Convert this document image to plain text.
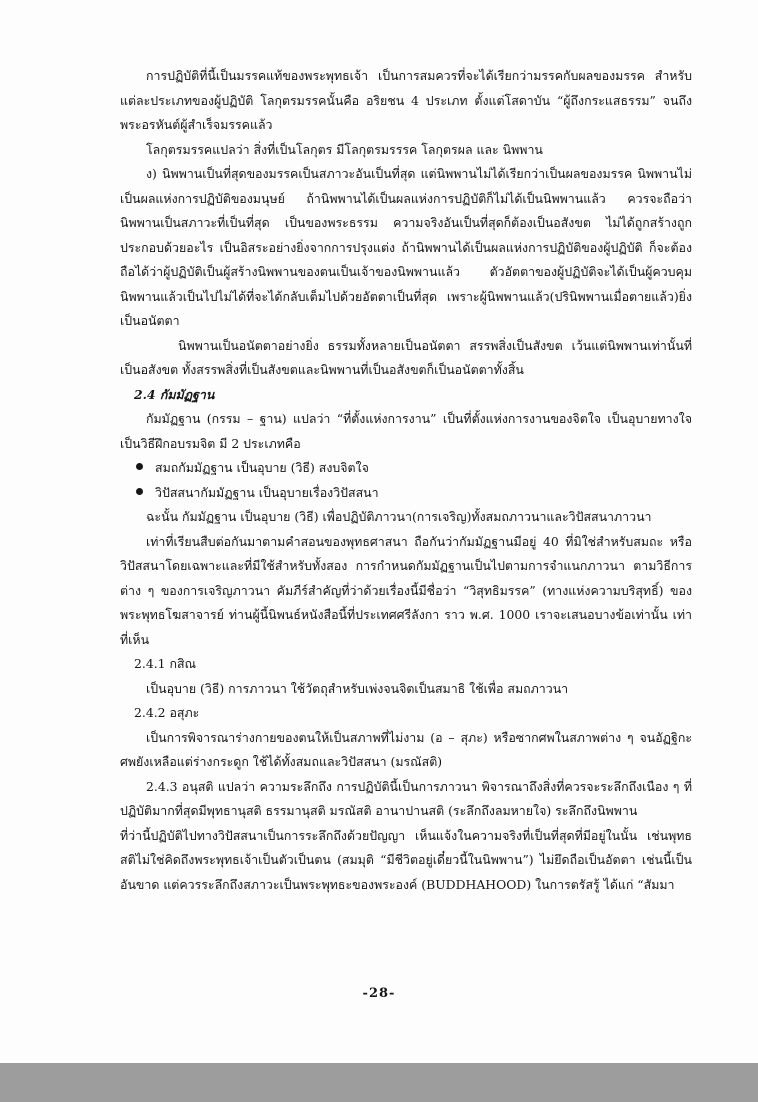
การปฏิบัติที่นี้เป็นมรรคแท้ของพระพุทธเจ้า เป็นการสมควรที่จะได้เรียกว่ามรรคกับผลของมรรค สำหรับแต่ละประเภทของผู้ปฏิบัติ โลกุตรมรรคนั้นคือ อริยชน 4 ประเภท ตั้งแต่โสดาบัน “ผู้ถึงกระแสธรรม” จนถึงพระอรหันต์ผู้สำเร็จมรรคแล้ว

โลกุตรมรรคแปลว่า สิ่งที่เป็นโลกุตร มีโลกุตรมรรรค โลกุตรผล และ นิพพาน

ง) นิพพานเป็นที่สุดของมรรคเป็นสภาวะอันเป็นที่สุด แต่นิพพานไม่ได้เรียกว่าเป็นผลของมรรค นิพพานไม่เป็นผลแห่งการปฏิบัติของมนุษย์ ถ้านิพพานได้เป็นผลแห่งการปฏิบัติก็ไม่ได้เป็นนิพพานแล้ว ควรจะถือว่านิพพานเป็นสภาวะที่เป็นที่สุด เป็นของพระธรรม ความจริงอันเป็นที่สุดก็ต้องเป็นอสังขต ไม่ได้ถูกสร้างถูกประกอบด้วยอะไร เป็นอิสระอย่างยิ่งจากการปรุงแต่ง ถ้านิพพานได้เป็นผลแห่งการปฏิบัติของผู้ปฏิบัติ ก็จะต้องถือได้ว่าผู้ปฏิบัติเป็นผู้สร้างนิพพานของตนเป็นเจ้าของนิพพานแล้ว ตัวอัตตาของผู้ปฏิบัติจะได้เป็นผู้ควบคุมนิพพานแล้วเป็นไปไม่ได้ที่จะได้กลับเต็มไปด้วยอัตตาเป็นที่สุด เพราะผู้นิพพานแล้ว(ปรินิพพานเมื่อตายแล้ว)ยิ่งเป็นอนัตตา

นิพพานเป็นอนัตตาอย่างยิ่ง ธรรมทั้งหลายเป็นอนัตตา สรรพสิ่งเป็นสังขต เว้นแต่นิพพานเท่านั้นที่เป็นอสังขต ทั้งสรรพสิ่งที่เป็นสังขตและนิพพานที่เป็นอสังขตก็เป็นอนัตตาทั้งสิ้น

2.4 กัมมัฏฐาน

กัมมัฏฐาน (กรรม – ฐาน) แปลว่า “ที่ตั้งแห่งการงาน” เป็นที่ตั้งแห่งการงานของจิตใจ เป็นอุบายทางใจเป็นวิธีฝึกอบรมจิต มี 2 ประเภทคือ

สมถกัมมัฏฐาน เป็นอุบาย (วิธี) สงบจิตใจ
วิปัสสนากัมมัฏฐาน เป็นอุบายเรื่องวิปัสสนา

ฉะนั้น กัมมัฏฐาน เป็นอุบาย (วิธี) เพื่อปฏิบัติภาวนา(การเจริญ)ทั้งสมถภาวนาและวิปัสสนาภาวนา

เท่าที่เรียนสืบต่อกันมาตามคำสอนของพุทธศาสนา ถือกันว่ากัมมัฏฐานมีอยู่ 40 ที่มิใช่สำหรับสมถะ หรือวิปัสสนาโดยเฉพาะและที่มีใช้สำหรับทั้งสอง การกำหนดกัมมัฏฐานเป็นไปตามการจำแนกภาวนา ตามวิธีการต่าง ๆ ของการเจริญภาวนา คัมภีร์สำคัญที่ว่าด้วยเรื่องนี้มีชื่อว่า “วิสุทธิมรรค” (ทางแห่งความบริสุทธิ์) ของพระพุทธโฆสาจารย์ ท่านผู้นี้นิพนธ์หนังสือนี้ที่ประเทศศรีลังกา ราว พ.ศ. 1000 เราจะเสนอบางข้อเท่านั้น เท่าที่เห็น

2.4.1 กสิณ

เป็นอุบาย (วิธี) การภาวนา ใช้วัตถุสำหรับเพ่งจนจิตเป็นสมาธิ ใช้เพื่อ สมถภาวนา

2.4.2 อสุภะ

เป็นการพิจารณาร่างกายของตนให้เป็นสภาพที่ไม่งาม (อ – สุภะ) หรือซากศพในสภาพต่าง ๆ จนอัฏฐิกะศพยังเหลือแต่ร่างกระดูก ใช้ได้ทั้งสมถและวิปัสสนา (มรณัสติ)

2.4.3 อนุสติ แปลว่า ความระลึกถึง การปฏิบัตินี้เป็นการภาวนา พิจารณาถึงสิ่งที่ควรจะระลึกถึงเนือง ๆ ที่ปฏิบัติมากที่สุดมีพุทธานุสติ ธรรมานุสติ มรณัสติ อานาปานสติ (ระลึกถึงลมหายใจ) ระลึกถึงนิพพาน

ที่ว่านี้ปฏิบัติไปทางวิปัสสนาเป็นการระลึกถึงด้วยปัญญา เห็นแจ้งในความจริงที่เป็นที่สุดที่มีอยู่ในนั้น เช่นพุทธสติไม่ใช่คิดถึงพระพุทธเจ้าเป็นตัวเป็นตน (สมมุติ “มีชีวิตอยู่เดี๋ยวนี้ในนิพพาน”) ไม่ยึดถือเป็นอัตตา เช่นนี้เป็นอันขาด แต่ควรระลึกถึงสภาวะเป็นพระพุทธะของพระองค์ (BUDDHAHOOD) ในการตรัสรู้ ได้แก่ “สัมมา

-28-
